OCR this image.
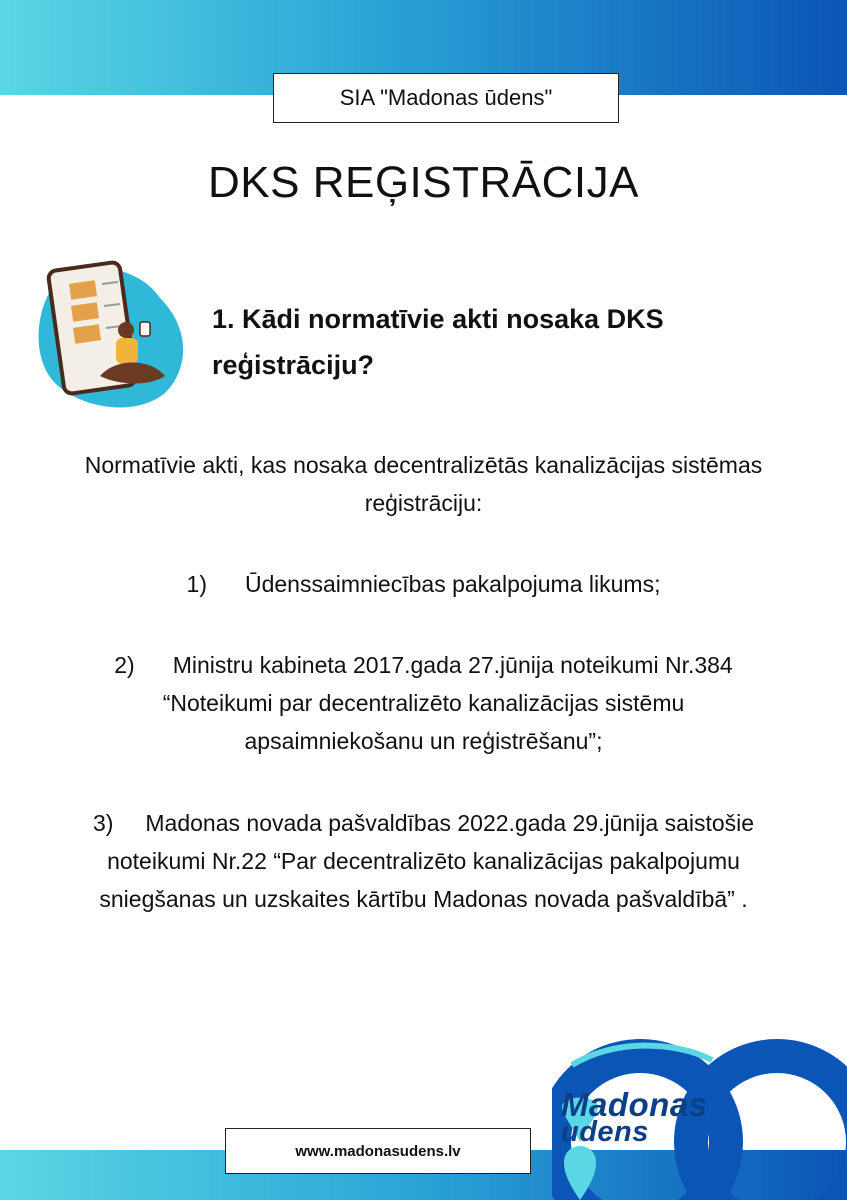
SIA "Madonas ūdens"
DKS REĢISTRĀCIJA
1. Kādi normatīvie akti nosaka DKS
reģistrāciju?
Normatīvie akti, kas nosaka decentralizētās kanalizācijas sistēmas
reģistrāciju:
1) Ūdenssaimniecības pakalpojuma likums;
2) Ministru kabineta 2017.gada 27.jūnija noteikumi Nr.384
“Noteikumi par decentralizēto kanalizācijas sistēmu
apsaimniekošanu un reģistrēšanu”;
3) Madonas novada pašvaldības 2022.gada 29.jūnija saistošie
noteikumi Nr.22 “Par decentralizēto kanalizācijas pakalpojumu
sniegšanas un uzskaites kārtību Madonas novada pašvaldībā” .
Madonas
udens
www.madonasudens.lv
